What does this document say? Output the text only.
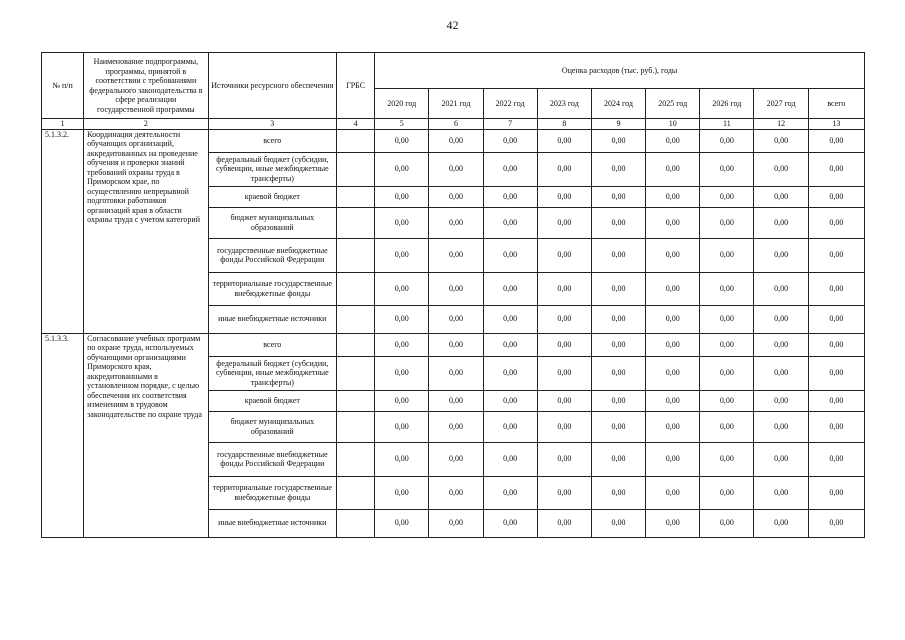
42
№ п/п	Наименование подпрограммы, программы, принятой в соответствии с требованиями федерального законодательства в сфере реализации государственной программы	Источники ресурсного обеспечения	ГРБС	Оценка расходов (тыс. руб.), годы								
				2020 год	2021 год	2022 год	2023 год	2024 год	2025 год	2026 год	2027 год	всего
1	2	3	4	5	6	7	8	9	10	11	12	13
5.1.3.2.	Координация деятельности обучающих организаций, аккредитованных на проведение обучения и проверки знаний требований охраны труда в Приморском крае, по осуществлению непрерывной подготовки работников организаций края в области охраны труда с учетом категорий	всего		0,00	0,00	0,00	0,00	0,00	0,00	0,00	0,00	0,00
		федеральный бюджет (субсидии, субвенции, иные межбюджетные трансферты)		0,00	0,00	0,00	0,00	0,00	0,00	0,00	0,00	0,00
		краевой бюджет		0,00	0,00	0,00	0,00	0,00	0,00	0,00	0,00	0,00
		бюджет муниципальных образований		0,00	0,00	0,00	0,00	0,00	0,00	0,00	0,00	0,00
		государственные внебюджетные фонды Российской Федерации		0,00	0,00	0,00	0,00	0,00	0,00	0,00	0,00	0,00
		территориальные государственные внебюджетные фонды		0,00	0,00	0,00	0,00	0,00	0,00	0,00	0,00	0,00
		иные внебюджетные источники		0,00	0,00	0,00	0,00	0,00	0,00	0,00	0,00	0,00
5.1.3.3.	Согласование учебных программ по охране труда, используемых обучающими организациями Приморского края, аккредитованными в установленном порядке, с целью обеспечения их соответствия изменениям в трудовом законодательстве по охране труда	всего		0,00	0,00	0,00	0,00	0,00	0,00	0,00	0,00	0,00
		федеральный бюджет (субсидии, субвенции, иные межбюджетные трансферты)		0,00	0,00	0,00	0,00	0,00	0,00	0,00	0,00	0,00
		краевой бюджет		0,00	0,00	0,00	0,00	0,00	0,00	0,00	0,00	0,00
		бюджет муниципальных образований		0,00	0,00	0,00	0,00	0,00	0,00	0,00	0,00	0,00
		государственные внебюджетные фонды Российской Федерации		0,00	0,00	0,00	0,00	0,00	0,00	0,00	0,00	0,00
		территориальные государственные внебюджетные фонды		0,00	0,00	0,00	0,00	0,00	0,00	0,00	0,00	0,00
		иные внебюджетные источники		0,00	0,00	0,00	0,00	0,00	0,00	0,00	0,00	0,00
